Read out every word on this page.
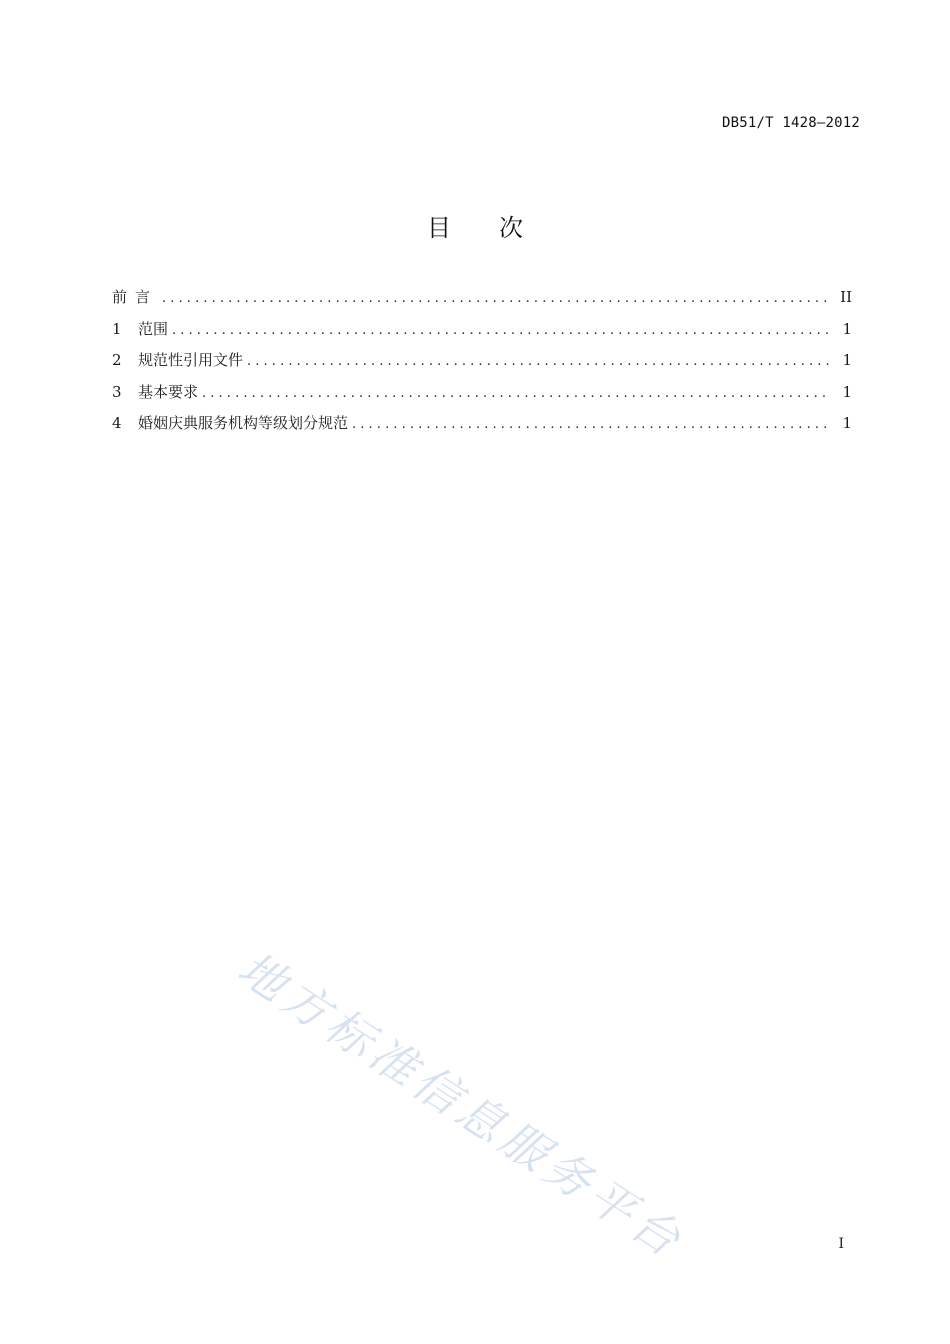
DB51/T 1428—2012
目次
前言 . . .	II
1	范围 . . .	1
2	规范性引用文件 . . .	1
3	基本要求 . . .	1
4	婚姻庆典服务机构等级划分规范 . . .	1
地方标准信息服务平台	I
